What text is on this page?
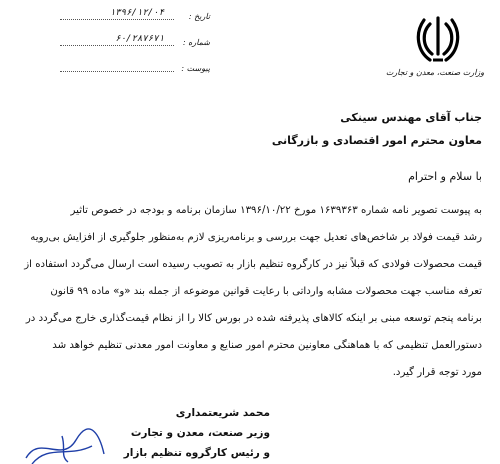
وزارت صنعت، معدن و تجارت
۱۳۹۶/۱۲/۰۴	تاریخ :
۶۰/۲۸۷۶۷۱ شماره :
پیوست :
جناب آقای مهندس سینکی
معاون محترم امور اقتصادی و بازرگانی
با سلام و احترام
به پیوست تصویر نامه شماره ۱۶۳۹۳۶۳ مورخ ۱۳۹۶/۱۰/۲۲ سازمان برنامه و بودجه در خصوص تاثیر
رشد قیمت فولاد بر شاخص‌های تعدیل جهت بررسی و برنامه‌ریزی لازم به‌منظور جلوگیری از افزایش بی‌رویه
قیمت محصولات فولادی که قبلاً نیز در کارگروه تنظیم بازار به تصویب رسیده است ارسال می‌گردد استفاده از
تعرفه مناسب جهت محصولات مشابه وارداتی با رعایت قوانین موضوعه از جمله بند «و» ماده ۹۹ قانون
برنامه پنجم توسعه مبنی بر اینکه کالاهای پذیرفته شده در بورس کالا را از نظام قیمت‌گذاری خارج می‌گردد در
دستورالعمل تنظیمی که با هماهنگی معاونین محترم امور صنایع و معاونت امور معدنی تنظیم خواهد شد
مورد توجه قرار گیرد.
محمد شریعتمداری
وزیر صنعت، معدن و تجارت
و رئیس کارگروه تنظیم بازار
